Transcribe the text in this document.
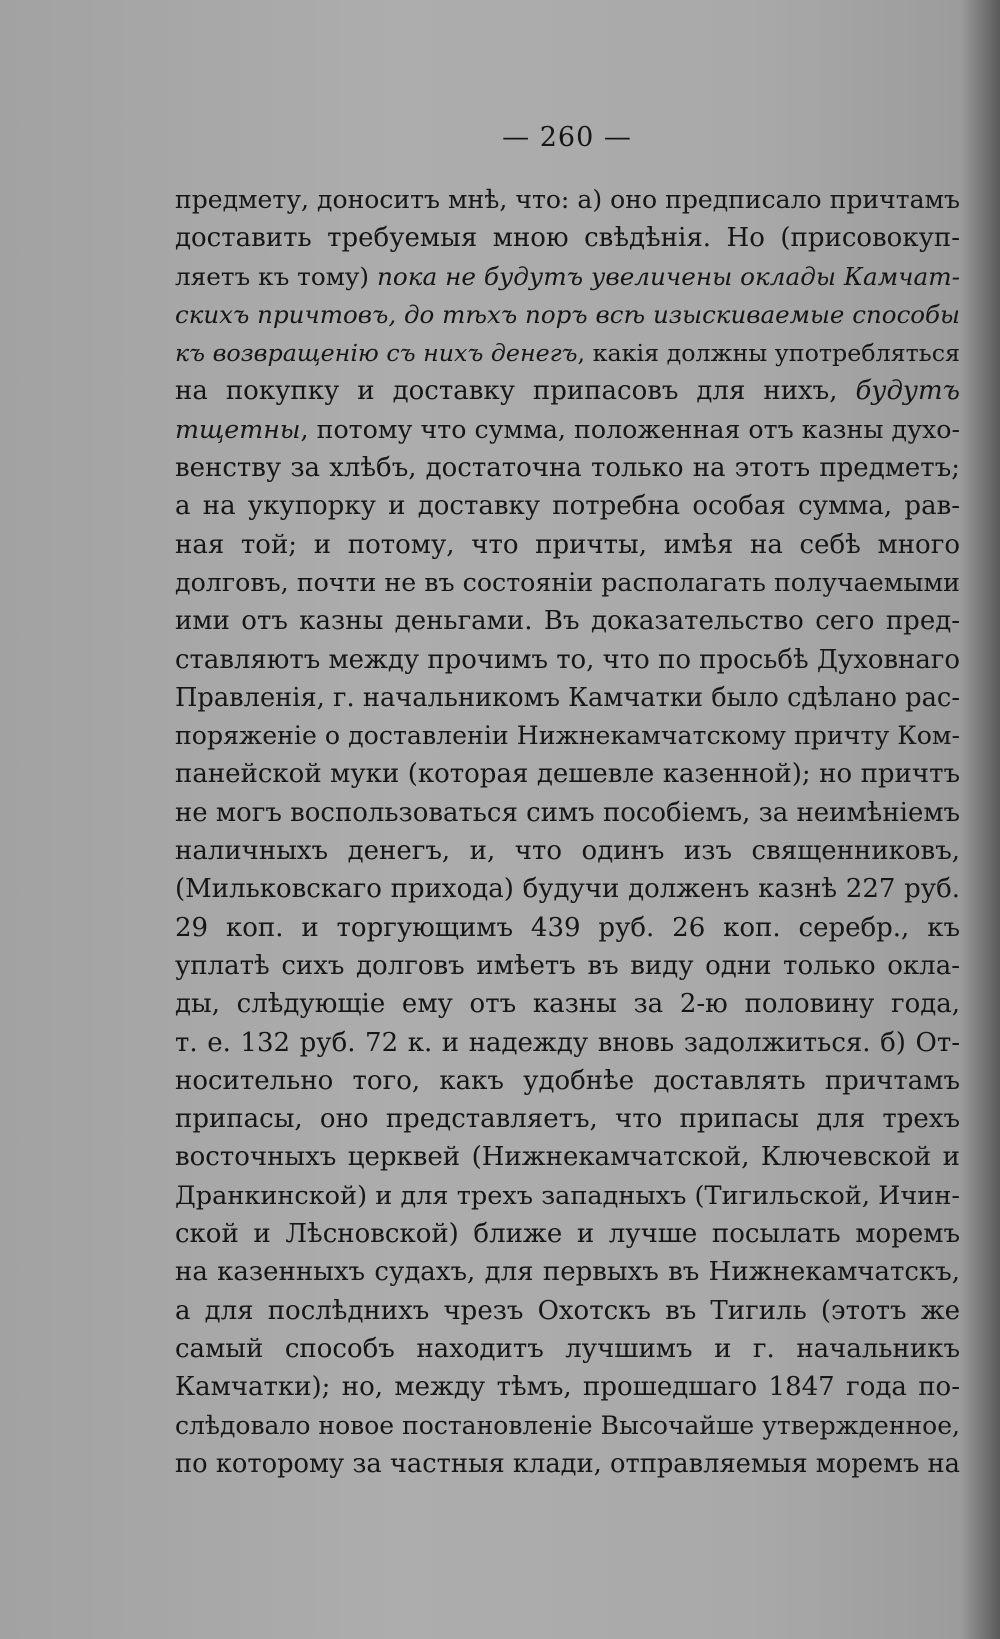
— 260 —
предмету, доноситъ мнѣ, что: а) оно предписало причтамъ
доставить требуемыя мною свѣдѣнія. Но (присовокуп-
ляетъ къ тому) пока не будутъ увеличены оклады Камчат-
скихъ причтовъ, до тѣхъ поръ всѣ изыскиваемые способы
къ возвращенію съ нихъ денегъ, какія должны употребляться
на покупку и доставку припасовъ для нихъ, будутъ
тщетны, потому что сумма, положенная отъ казны духо-
венству за хлѣбъ, достаточна только на этотъ предметъ;
а на укупорку и доставку потребна особая сумма, рав-
ная той; и потому, что причты, имѣя на себѣ много
долговъ, почти не въ состояніи располагать получаемыми
ими отъ казны деньгами. Въ доказательство сего пред-
ставляютъ между прочимъ то, что по просьбѣ Духовнаго
Правленія, г. начальникомъ Камчатки было сдѣлано рас-
поряженіе о доставленіи Нижнекамчатскому причту Ком-
панейской муки (которая дешевле казенной); но причтъ
не могъ воспользоваться симъ пособіемъ, за неимѣніемъ
наличныхъ денегъ, и, что одинъ изъ священниковъ,
(Мильковскаго прихода) будучи долженъ казнѣ 227 руб.
29 коп. и торгующимъ 439 руб. 26 коп. серебр., къ
уплатѣ сихъ долговъ имѣетъ въ виду одни только окла-
ды, слѣдующіе ему отъ казны за 2-ю половину года,
т. е. 132 руб. 72 к. и надежду вновь задолжиться. б) От-
носительно того, какъ удобнѣе доставлять причтамъ
припасы, оно представляетъ, что припасы для трехъ
восточныхъ церквей (Нижнекамчатской, Ключевской и
Дранкинской) и для трехъ западныхъ (Тигильской, Ичин-
ской и Лѣсновской) ближе и лучше посылать моремъ
на казенныхъ судахъ, для первыхъ въ Нижнекамчатскъ,
а для послѣднихъ чрезъ Охотскъ въ Тигиль (этотъ же
самый способъ находитъ лучшимъ и г. начальникъ
Камчатки); но, между тѣмъ, прошедшаго 1847 года по-
слѣдовало новое постановленіе Высочайше утвержденное,
по которому за частныя клади, отправляемыя моремъ на
